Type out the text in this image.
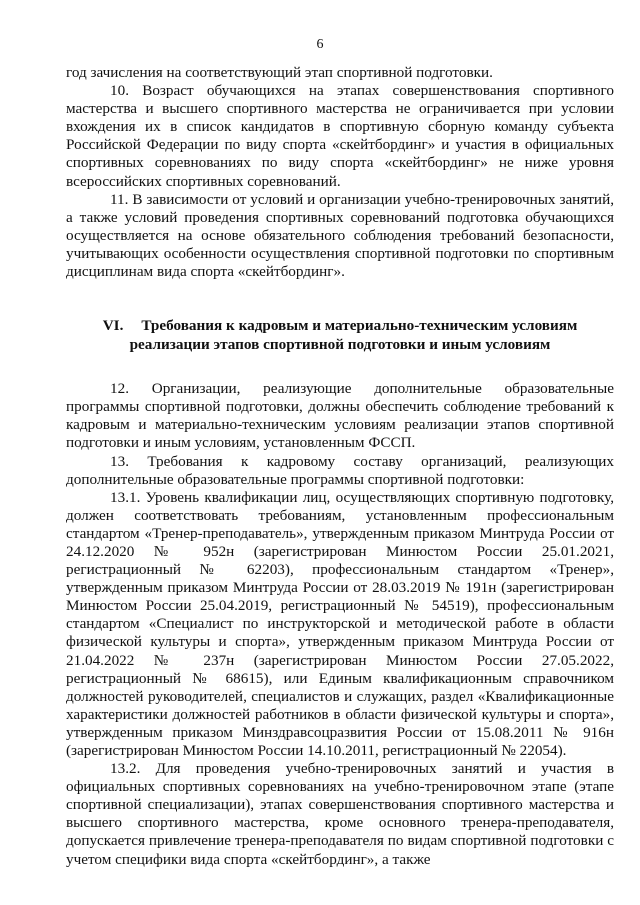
6

год зачисления на соответствующий этап спортивной подготовки.

10. Возраст обучающихся на этапах совершенствования спортивного мастерства и высшего спортивного мастерства не ограничивается при условии вхождения их в список кандидатов в спортивную сборную команду субъекта Российской Федерации по виду спорта «скейтбординг» и участия в официальных спортивных соревнованиях по виду спорта «скейтбординг» не ниже уровня всероссийских спортивных соревнований.

11. В зависимости от условий и организации учебно-тренировочных занятий, а также условий проведения спортивных соревнований подготовка обучающихся осуществляется на основе обязательного соблюдения требований безопасности, учитывающих особенности осуществления спортивной подготовки по спортивным дисциплинам вида спорта «скейтбординг».

VI. Требования к кадровым и материально-техническим условиям
реализации этапов спортивной подготовки и иным условиям

12. Организации, реализующие дополнительные образовательные программы спортивной подготовки, должны обеспечить соблюдение требований к кадровым и материально-техническим условиям реализации этапов спортивной подготовки и иным условиям, установленным ФССП.

13. Требования к кадровому составу организаций, реализующих дополнительные образовательные программы спортивной подготовки:

13.1. Уровень квалификации лиц, осуществляющих спортивную подготовку, должен соответствовать требованиям, установленным профессиональным стандартом «Тренер-преподаватель», утвержденным приказом Минтруда России от 24.12.2020 № 952н (зарегистрирован Минюстом России 25.01.2021, регистрационный № 62203), профессиональным стандартом «Тренер», утвержденным приказом Минтруда России от 28.03.2019 № 191н (зарегистрирован Минюстом России 25.04.2019, регистрационный № 54519), профессиональным стандартом «Специалист по инструкторской и методической работе в области физической культуры и спорта», утвержденным приказом Минтруда России от 21.04.2022 № 237н (зарегистрирован Минюстом России 27.05.2022, регистрационный № 68615), или Единым квалификационным справочником должностей руководителей, специалистов и служащих, раздел «Квалификационные характеристики должностей работников в области физической культуры и спорта», утвержденным приказом Минздравсоцразвития России от 15.08.2011 № 916н (зарегистрирован Минюстом России 14.10.2011, регистрационный № 22054).

13.2. Для проведения учебно-тренировочных занятий и участия в официальных спортивных соревнованиях на учебно-тренировочном этапе (этапе спортивной специализации), этапах совершенствования спортивного мастерства и высшего спортивного мастерства, кроме основного тренера-преподавателя, допускается привлечение тренера-преподавателя по видам спортивной подготовки с учетом специфики вида спорта «скейтбординг», а также
